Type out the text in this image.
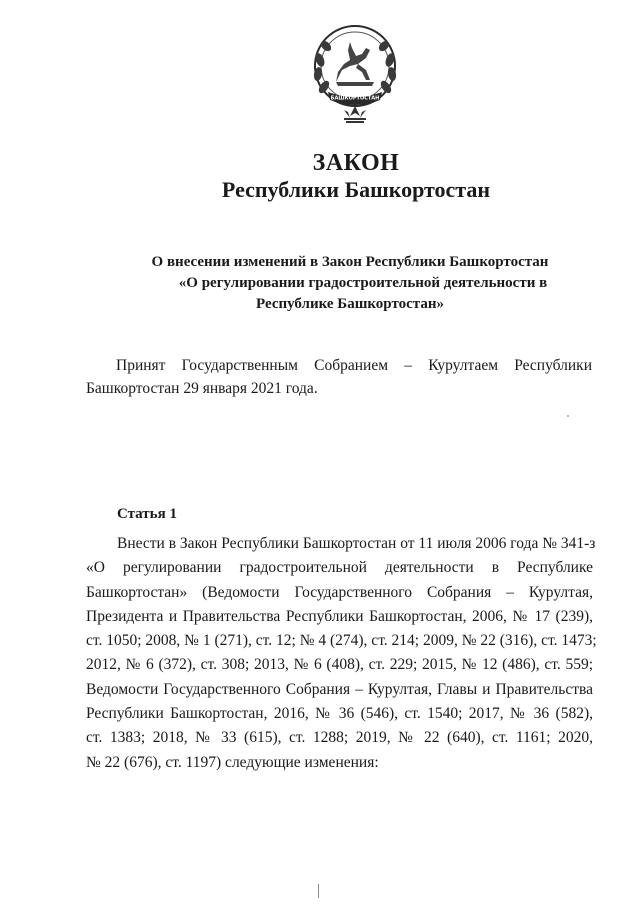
БАШКОРТОСТАН
ЗАКОН
Республики Башкортостан
О внесении изменений в Закон Республики Башкортостан
«О регулировании градостроительной деятельности в
Республике Башкортостан»
Принят Государственным Собранием – Курултаем Республики
Башкортостан 29 января 2021 года.
Статья 1
Внести в Закон Республики Башкортостан от 11 июля 2006 года № 341-з
«О регулировании градостроительной деятельности в Республике
Башкортостан» (Ведомости Государственного Собрания – Курултая,
Президента и Правительства Республики Башкортостан, 2006, № 17 (239),
ст. 1050; 2008, № 1 (271), ст. 12; № 4 (274), ст. 214; 2009, № 22 (316), ст. 1473;
2012, № 6 (372), ст. 308; 2013, № 6 (408), ст. 229; 2015, № 12 (486), ст. 559;
Ведомости Государственного Собрания – Курултая, Главы и Правительства
Республики Башкортостан, 2016, № 36 (546), ст. 1540; 2017, № 36 (582),
ст. 1383; 2018, № 33 (615), ст. 1288; 2019, № 22 (640), ст. 1161; 2020,
№ 22 (676), ст. 1197) следующие изменения:
